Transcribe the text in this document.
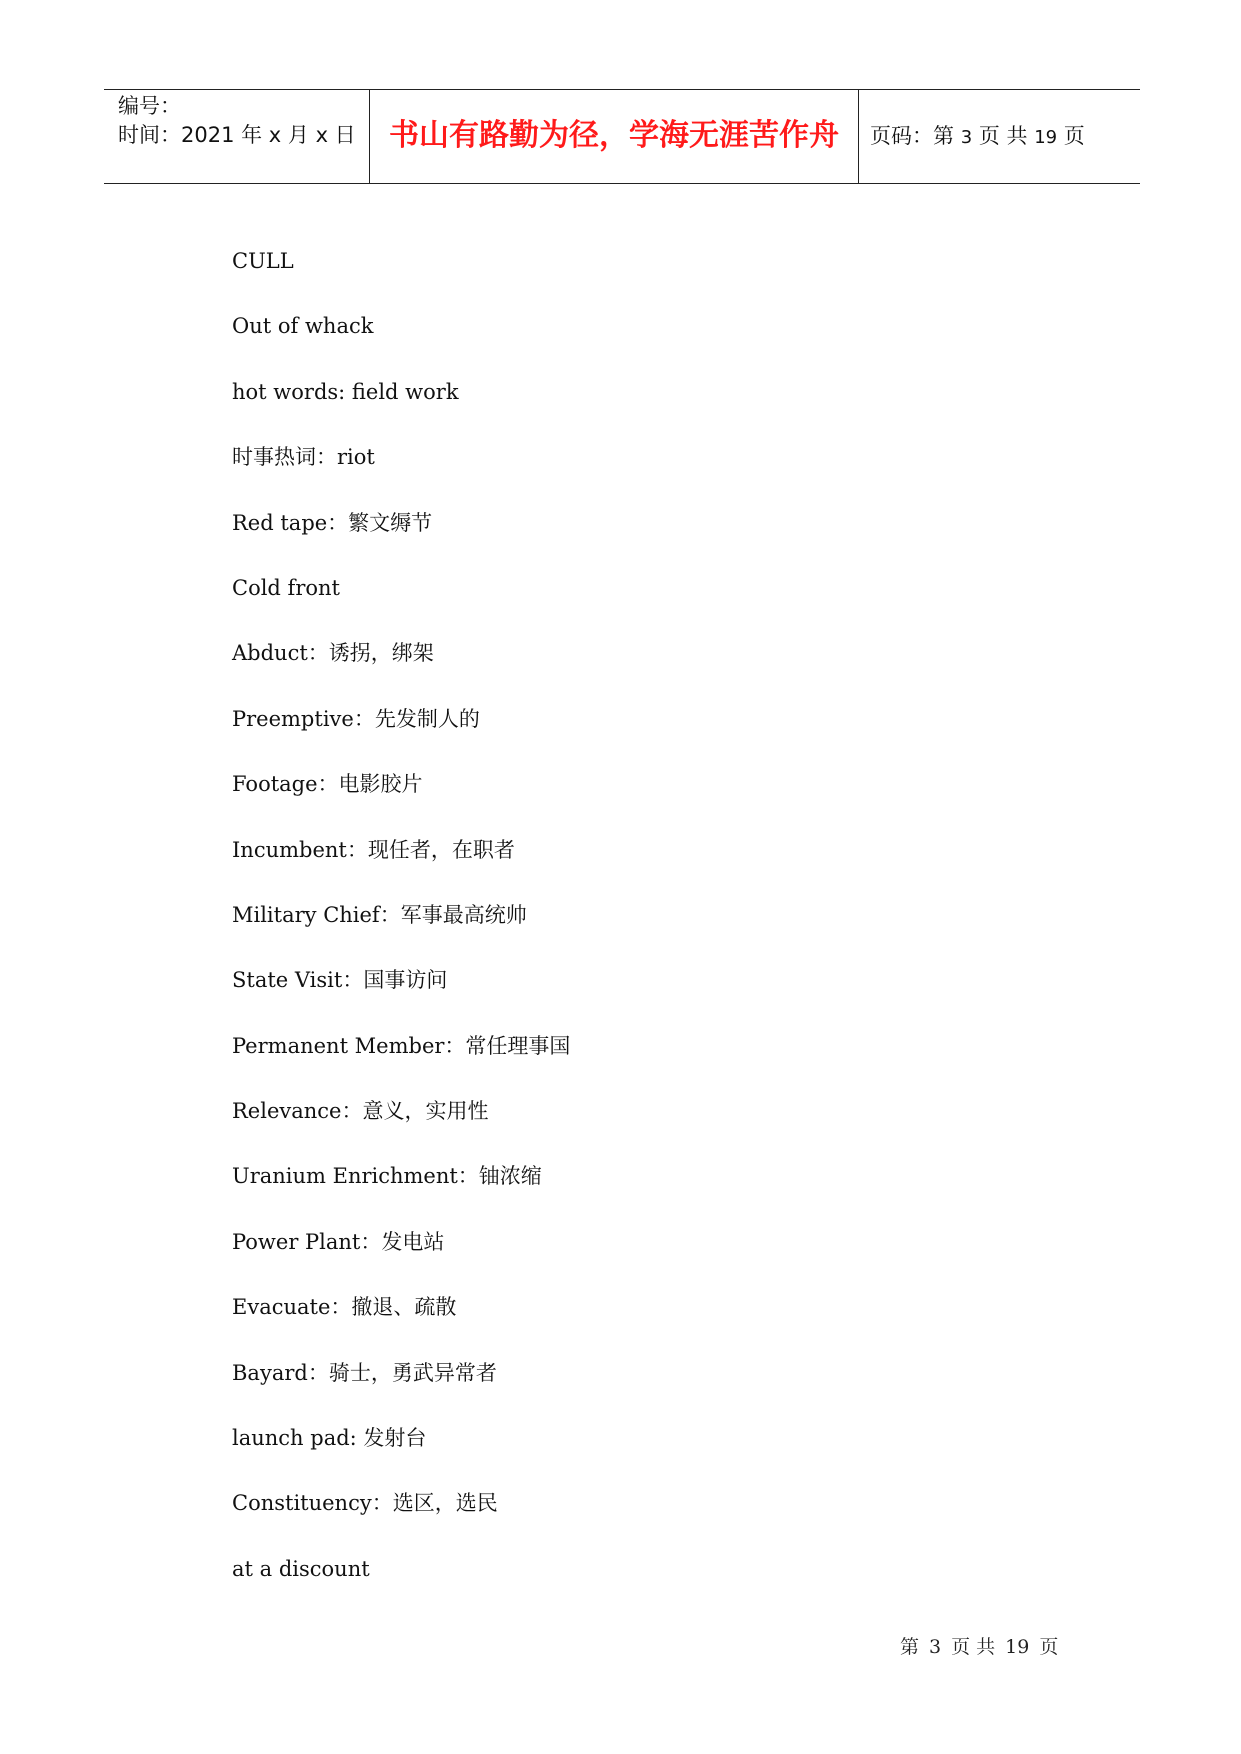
编号：
时间：2021 年 x 月 x 日	书山有路勤为径，学海无涯苦作舟	页码：第 3 页 共 19 页
CULL
Out of whack
hot words: field work
时事热词：riot
Red tape：繁文缛节
Cold front
Abduct：诱拐，绑架
Preemptive：先发制人的
Footage：电影胶片
Incumbent：现任者，在职者
Military Chief：军事最高统帅
State Visit：国事访问
Permanent Member：常任理事国
Relevance：意义，实用性
Uranium Enrichment：铀浓缩
Power Plant：发电站
Evacuate：撤退、疏散
Bayard：骑士，勇武异常者
launch pad: 发射台
Constituency：选区，选民
at a discount
第 3 页 共 19 页
